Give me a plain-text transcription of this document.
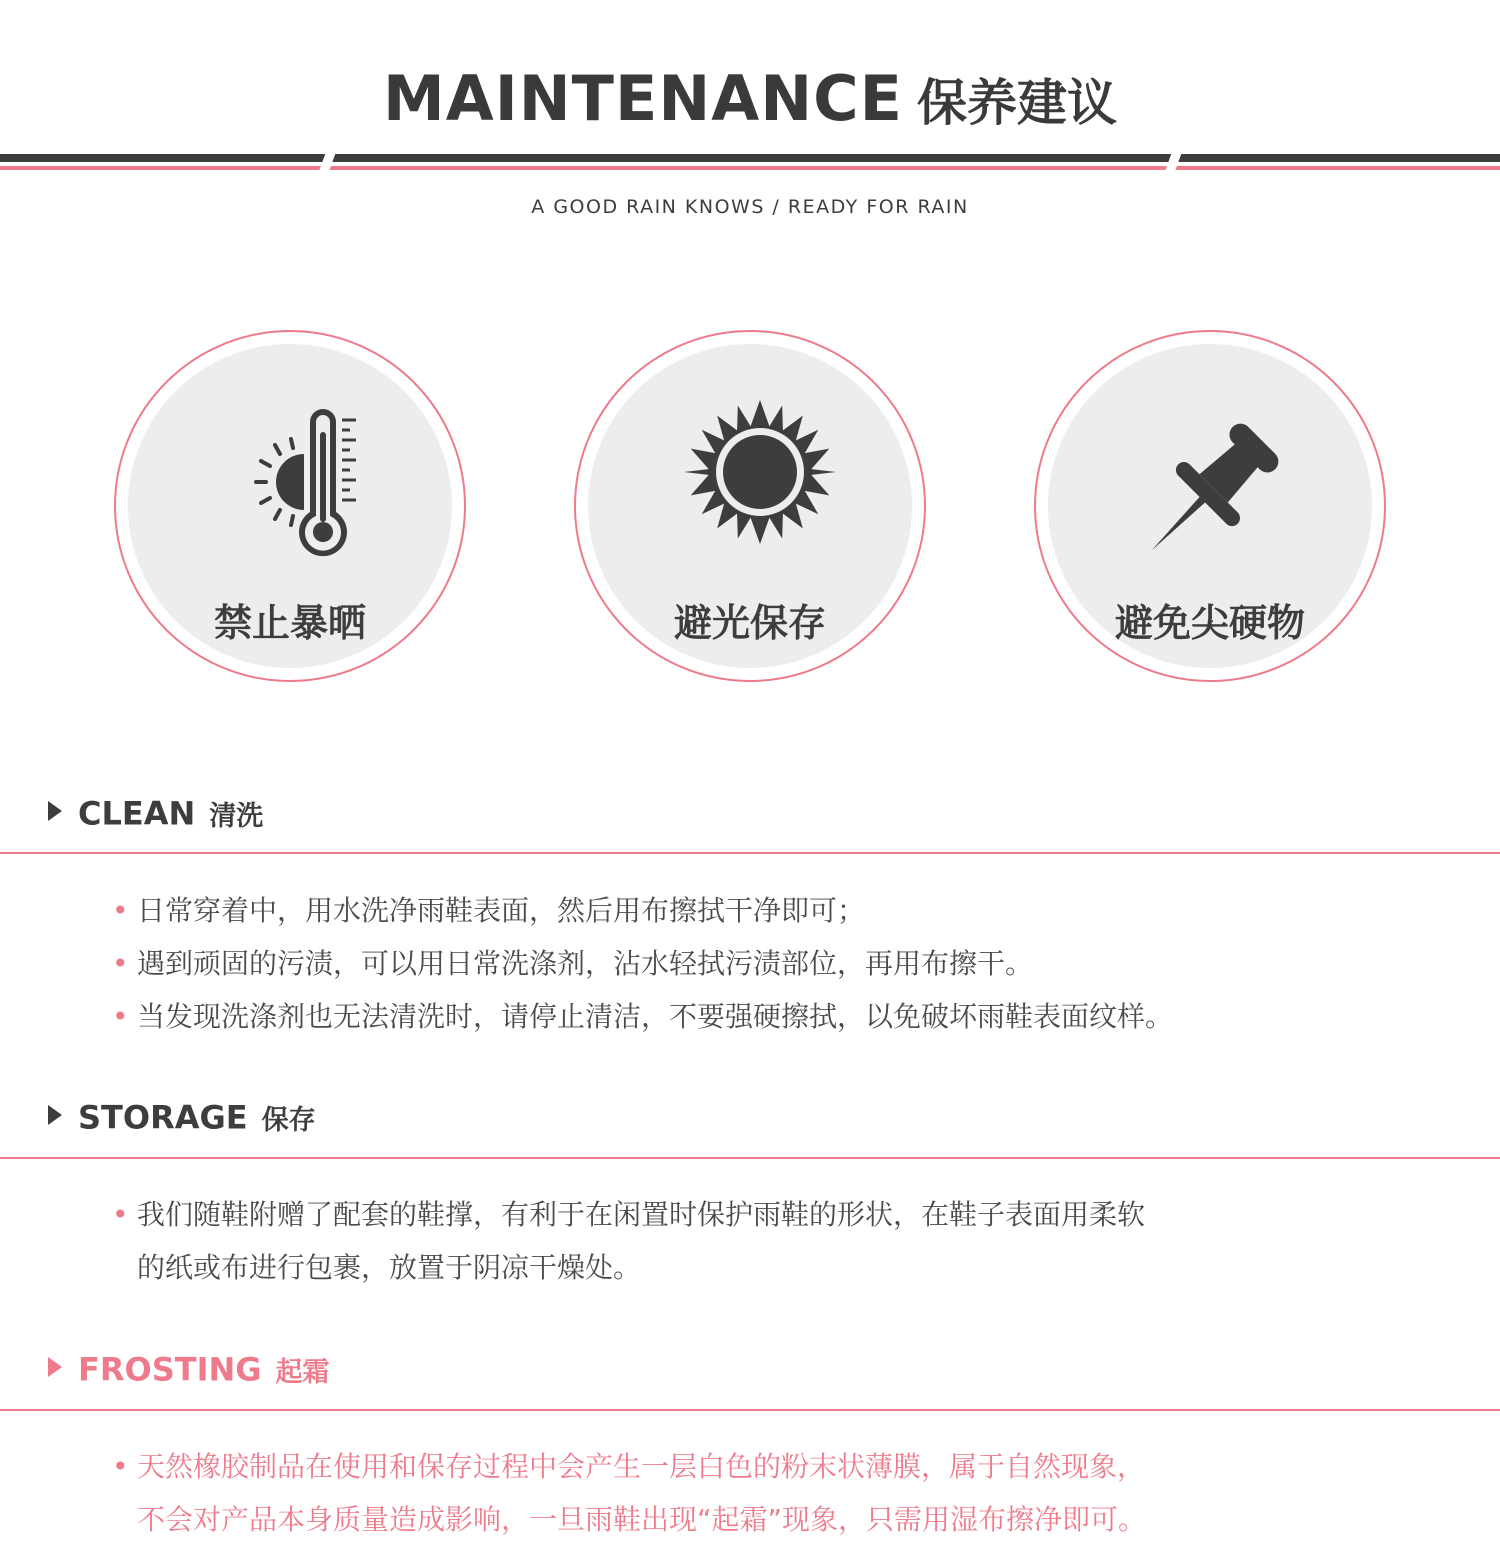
MAINTENANCE 保养建议
A GOOD RAIN KNOWS / READY FOR RAIN
禁止暴晒	避光保存	避免尖硬物
CLEAN 清洗
• 日常穿着中，用水洗净雨鞋表面，然后用布擦拭干净即可；
• 遇到顽固的污渍，可以用日常洗涤剂，沾水轻拭污渍部位，再用布擦干。
• 当发现洗涤剂也无法清洗时，请停止清洁，不要强硬擦拭，以免破坏雨鞋表面纹样。
STORAGE 保存
• 我们随鞋附赠了配套的鞋撑，有利于在闲置时保护雨鞋的形状，在鞋子表面用柔软
的纸或布进行包裹，放置于阴凉干燥处。
FROSTING 起霜
• 天然橡胶制品在使用和保存过程中会产生一层白色的粉末状薄膜，属于自然现象，
不会对产品本身质量造成影响，一旦雨鞋出现“起霜”现象，只需用湿布擦净即可。
